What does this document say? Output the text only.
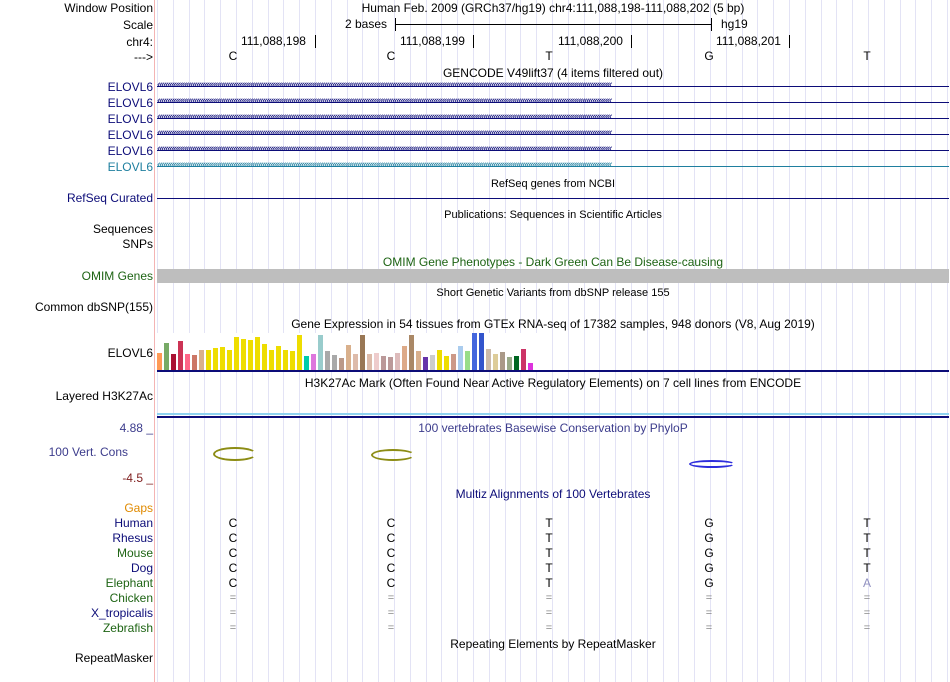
Window Position	Human Feb. 2009 (GRCh37/hg19) chr4:111,088,198-111,088,202 (5 bp)
Scale	2 bases	hg19
chr4:	111,088,198	111,088,199	111,088,200	111,088,201
--->	C	C	T	G	T
GENCODE V49lift37 (4 items filtered out)
ELOVL6 ‹‹‹‹‹‹‹‹‹‹‹‹‹‹‹‹‹‹‹‹‹‹‹‹‹‹‹‹‹‹‹‹‹‹‹‹‹‹‹‹‹‹‹‹‹‹‹‹‹‹‹‹‹‹‹‹‹‹‹‹‹‹‹‹‹‹‹‹‹‹‹‹‹‹‹‹‹‹‹‹‹‹‹‹‹‹‹‹‹‹‹‹‹‹‹‹‹‹‹‹‹‹‹‹‹‹‹‹‹‹‹‹‹‹‹‹‹‹‹‹‹‹‹‹‹‹‹‹‹‹‹‹‹‹‹‹‹‹‹‹‹‹‹‹‹‹‹‹‹‹‹‹‹‹‹‹‹‹‹‹‹‹‹‹‹‹‹‹‹‹‹‹‹‹‹‹‹‹‹‹‹‹‹‹‹‹‹‹‹‹‹‹‹‹‹‹‹‹‹‹‹‹‹‹‹‹‹‹‹‹‹‹‹‹‹‹‹‹‹‹
ELOVL6 ‹‹‹‹‹‹‹‹‹‹‹‹‹‹‹‹‹‹‹‹‹‹‹‹‹‹‹‹‹‹‹‹‹‹‹‹‹‹‹‹‹‹‹‹‹‹‹‹‹‹‹‹‹‹‹‹‹‹‹‹‹‹‹‹‹‹‹‹‹‹‹‹‹‹‹‹‹‹‹‹‹‹‹‹‹‹‹‹‹‹‹‹‹‹‹‹‹‹‹‹‹‹‹‹‹‹‹‹‹‹‹‹‹‹‹‹‹‹‹‹‹‹‹‹‹‹‹‹‹‹‹‹‹‹‹‹‹‹‹‹‹‹‹‹‹‹‹‹‹‹‹‹‹‹‹‹‹‹‹‹‹‹‹‹‹‹‹‹‹‹‹‹‹‹‹‹‹‹‹‹‹‹‹‹‹‹‹‹‹‹‹‹‹‹‹‹‹‹‹‹‹‹‹‹‹‹‹‹‹‹‹‹‹‹‹‹‹‹‹‹
ELOVL6 ‹‹‹‹‹‹‹‹‹‹‹‹‹‹‹‹‹‹‹‹‹‹‹‹‹‹‹‹‹‹‹‹‹‹‹‹‹‹‹‹‹‹‹‹‹‹‹‹‹‹‹‹‹‹‹‹‹‹‹‹‹‹‹‹‹‹‹‹‹‹‹‹‹‹‹‹‹‹‹‹‹‹‹‹‹‹‹‹‹‹‹‹‹‹‹‹‹‹‹‹‹‹‹‹‹‹‹‹‹‹‹‹‹‹‹‹‹‹‹‹‹‹‹‹‹‹‹‹‹‹‹‹‹‹‹‹‹‹‹‹‹‹‹‹‹‹‹‹‹‹‹‹‹‹‹‹‹‹‹‹‹‹‹‹‹‹‹‹‹‹‹‹‹‹‹‹‹‹‹‹‹‹‹‹‹‹‹‹‹‹‹‹‹‹‹‹‹‹‹‹‹‹‹‹‹‹‹‹‹‹‹‹‹‹‹‹‹‹‹‹
ELOVL6 ‹‹‹‹‹‹‹‹‹‹‹‹‹‹‹‹‹‹‹‹‹‹‹‹‹‹‹‹‹‹‹‹‹‹‹‹‹‹‹‹‹‹‹‹‹‹‹‹‹‹‹‹‹‹‹‹‹‹‹‹‹‹‹‹‹‹‹‹‹‹‹‹‹‹‹‹‹‹‹‹‹‹‹‹‹‹‹‹‹‹‹‹‹‹‹‹‹‹‹‹‹‹‹‹‹‹‹‹‹‹‹‹‹‹‹‹‹‹‹‹‹‹‹‹‹‹‹‹‹‹‹‹‹‹‹‹‹‹‹‹‹‹‹‹‹‹‹‹‹‹‹‹‹‹‹‹‹‹‹‹‹‹‹‹‹‹‹‹‹‹‹‹‹‹‹‹‹‹‹‹‹‹‹‹‹‹‹‹‹‹‹‹‹‹‹‹‹‹‹‹‹‹‹‹‹‹‹‹‹‹‹‹‹‹‹‹‹‹‹‹
ELOVL6 ‹‹‹‹‹‹‹‹‹‹‹‹‹‹‹‹‹‹‹‹‹‹‹‹‹‹‹‹‹‹‹‹‹‹‹‹‹‹‹‹‹‹‹‹‹‹‹‹‹‹‹‹‹‹‹‹‹‹‹‹‹‹‹‹‹‹‹‹‹‹‹‹‹‹‹‹‹‹‹‹‹‹‹‹‹‹‹‹‹‹‹‹‹‹‹‹‹‹‹‹‹‹‹‹‹‹‹‹‹‹‹‹‹‹‹‹‹‹‹‹‹‹‹‹‹‹‹‹‹‹‹‹‹‹‹‹‹‹‹‹‹‹‹‹‹‹‹‹‹‹‹‹‹‹‹‹‹‹‹‹‹‹‹‹‹‹‹‹‹‹‹‹‹‹‹‹‹‹‹‹‹‹‹‹‹‹‹‹‹‹‹‹‹‹‹‹‹‹‹‹‹‹‹‹‹‹‹‹‹‹‹‹‹‹‹‹‹‹‹‹
ELOVL6 ‹‹‹‹‹‹‹‹‹‹‹‹‹‹‹‹‹‹‹‹‹‹‹‹‹‹‹‹‹‹‹‹‹‹‹‹‹‹‹‹‹‹‹‹‹‹‹‹‹‹‹‹‹‹‹‹‹‹‹‹‹‹‹‹‹‹‹‹‹‹‹‹‹‹‹‹‹‹‹‹‹‹‹‹‹‹‹‹‹‹‹‹‹‹‹‹‹‹‹‹‹‹‹‹‹‹‹‹‹‹‹‹‹‹‹‹‹‹‹‹‹‹‹‹‹‹‹‹‹‹‹‹‹‹‹‹‹‹‹‹‹‹‹‹‹‹‹‹‹‹‹‹‹‹‹‹‹‹‹‹‹‹‹‹‹‹‹‹‹‹‹‹‹‹‹‹‹‹‹‹‹‹‹‹‹‹‹‹‹‹‹‹‹‹‹‹‹‹‹‹‹‹‹‹‹‹‹‹‹‹‹‹‹‹‹‹‹‹‹‹
RefSeq genes from NCBI
RefSeq Curated
Publications: Sequences in Scientific Articles
Sequences
SNPs
OMIM Gene Phenotypes - Dark Green Can Be Disease-causing
OMIM Genes
Short Genetic Variants from dbSNP release 155
Common dbSNP(155)
Gene Expression in 54 tissues from GTEx RNA-seq of 17382 samples, 948 donors (V8, Aug 2019)
ELOVL6
H3K27Ac Mark (Often Found Near Active Regulatory Elements) on 7 cell lines from ENCODE
Layered H3K27Ac
100 vertebrates Basewise Conservation by PhyloP
4.88 _
100 Vert. Cons
-4.5 _
Multiz Alignments of 100 Vertebrates
Gaps
Human	C	C	T	G	T
Rhesus	C	C	T	G	T
Mouse	C	C	T	G	T
Dog	C	C	T	G	T
Elephant	C	C	T	G	A
Chicken	=	=	=	=	=
X_tropicalis	=	=	=	=	=
Zebrafish	=	=	=	=	=
Repeating Elements by RepeatMasker
RepeatMasker
